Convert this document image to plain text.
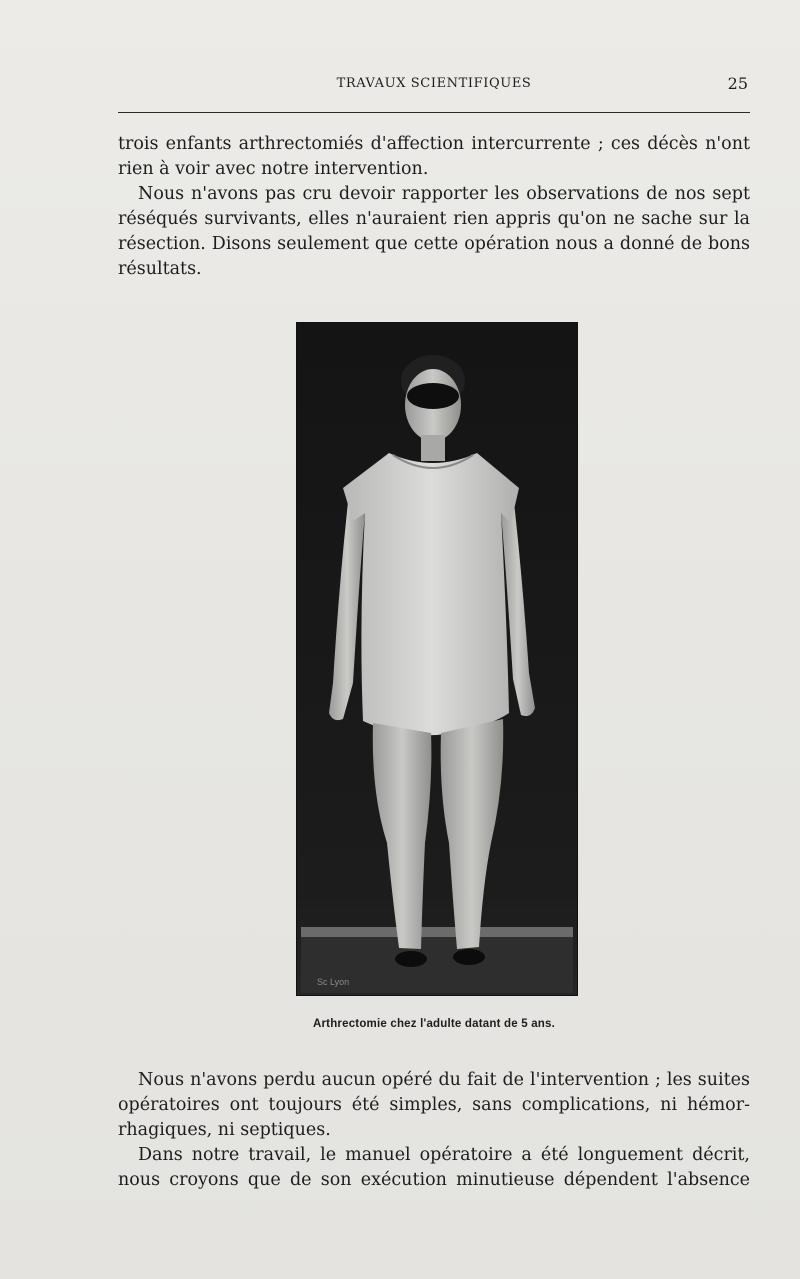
TRAVAUX SCIENTIFIQUES	25
trois enfants arthrectomiés d'affection intercurrente ; ces décès n'ont
rien à voir avec notre intervention.
Nous n'avons pas cru devoir rapporter les observations de nos sept
réséqués survivants, elles n'auraient rien appris qu'on ne sache sur la
résection. Disons seulement que cette opération nous a donné de bons
résultats.
Sc Lyon
Arthrectomie chez l'adulte datant de 5 ans.
Nous n'avons perdu aucun opéré du fait de l'intervention ; les suites
opératoires ont toujours été simples, sans complications, ni hémor-
rhagiques, ni septiques.
Dans notre travail, le manuel opératoire a été longuement décrit,
nous croyons que de son exécution minutieuse dépendent l'absence
